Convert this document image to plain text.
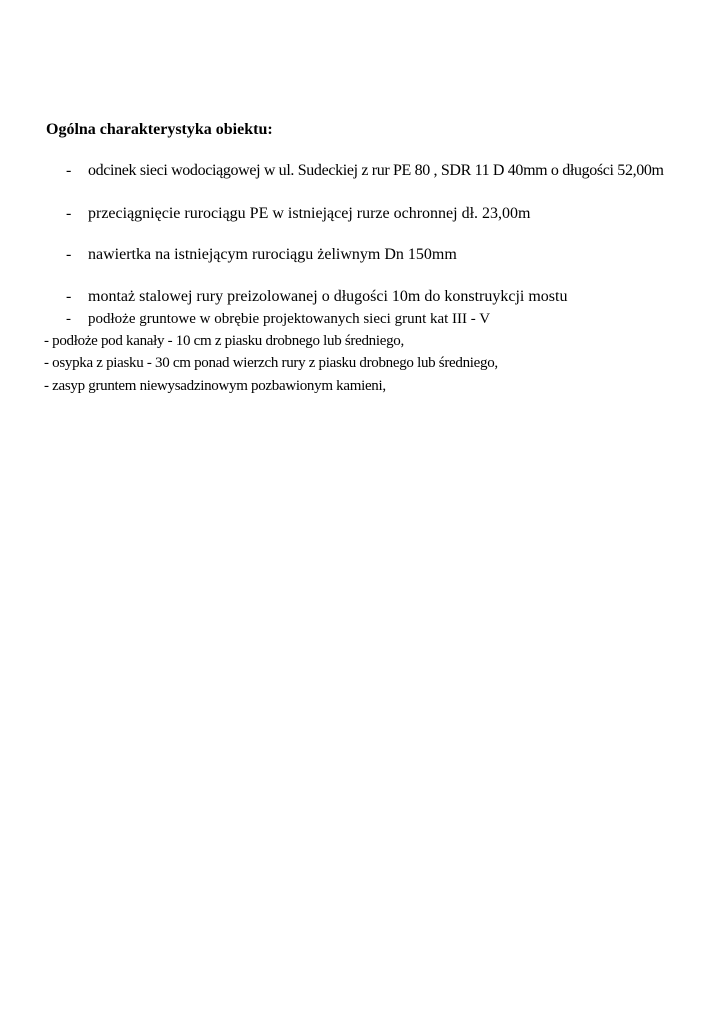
Ogólna charakterystyka obiektu:
- odcinek sieci wodociągowej w ul. Sudeckiej z rur PE 80 , SDR 11 D 40mm o długości 52,00m
- przeciągnięcie rurociągu PE w istniejącej rurze ochronnej dł. 23,00m
- nawiertka na istniejącym rurociągu żeliwnym Dn 150mm
- montaż stalowej rury preizolowanej o długości 10m do konstruykcji mostu
- podłoże gruntowe w obrębie projektowanych sieci grunt kat III - V
- podłoże pod kanały - 10 cm z piasku drobnego lub średniego,
- osypka z piasku - 30 cm ponad wierzch rury z piasku drobnego lub średniego,
- zasyp gruntem niewysadzinowym pozbawionym kamieni,
